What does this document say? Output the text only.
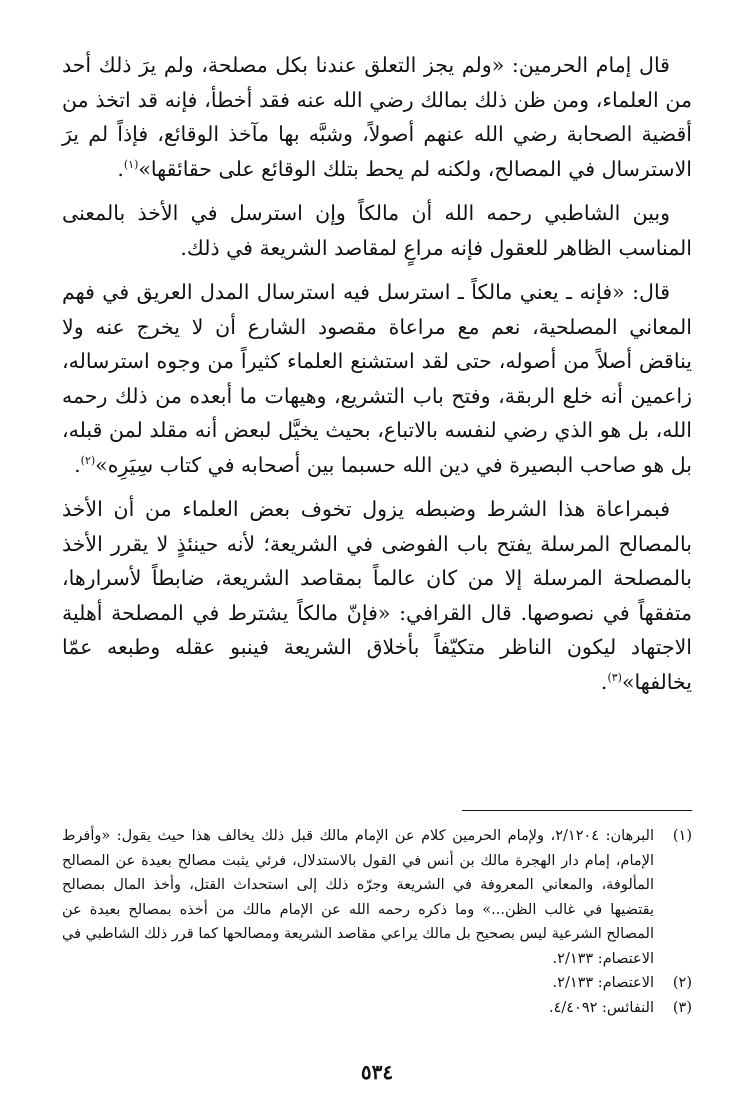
قال إمام الحرمين: «ولم يجز التعلق عندنا بكل مصلحة، ولم يرَ ذلك أحد من العلماء، ومن ظن ذلك بمالك رضي الله عنه فقد أخطأ، فإنه قد اتخذ من أقضية الصحابة رضي الله عنهم أصولاً، وشبَّه بها مآخذ الوقائع، فإذاً لم يرَ الاسترسال في المصالح، ولكنه لم يحط بتلك الوقائع على حقائقها»$^{(١)}$.

وبين الشاطبي رحمه الله أن مالكاً وإن استرسل في الأخذ بالمعنى المناسب الظاهر للعقول فإنه مراعٍ لمقاصد الشريعة في ذلك.

قال: «فإنه ـ يعني مالكاً ـ استرسل فيه استرسال المدل العريق في فهم المعاني المصلحية، نعم مع مراعاة مقصود الشارع أن لا يخرج عنه ولا يناقض أصلاً من أصوله، حتى لقد استشنع العلماء كثيراً من وجوه استرساله، زاعمين أنه خلع الربقة، وفتح باب التشريع، وهيهات ما أبعده من ذلك رحمه الله، بل هو الذي رضي لنفسه بالاتباع، بحيث يخيَّل لبعض أنه مقلد لمن قبله، بل هو صاحب البصيرة في دين الله حسبما بين أصحابه في كتاب سِيَرِه»$^{(٢)}$.

فبمراعاة هذا الشرط وضبطه يزول تخوف بعض العلماء من أن الأخذ بالمصالح المرسلة يفتح باب الفوضى في الشريعة؛ لأنه حينئذٍ لا يقرر الأخذ بالمصلحة المرسلة إلا من كان عالماً بمقاصد الشريعة، ضابطاً لأسرارها، متفقهاً في نصوصها. قال القرافي: «فإنّ مالكاً يشترط في المصلحة أهلية الاجتهاد ليكون الناظر متكيّفاً بأخلاق الشريعة فينبو عقله وطبعه عمّا يخالفها»$^{(٣)}$.

(١)
البرهان: ٢/١٢٠٤، ولإمام الحرمين كلام عن الإمام مالك قبل ذلك يخالف هذا حيث يقول: «وأفرط الإمام، إمام دار الهجرة مالك بن أنس في القول بالاستدلال، فرئي يثبت مصالح بعيدة عن المصالح المألوفة، والمعاني المعروفة في الشريعة وجرّه ذلك إلى استحداث القتل، وأخذ المال بمصالح يقتضيها في غالب الظن...» وما ذكره رحمه الله عن الإمام مالك من أخذه بمصالح بعيدة عن المصالح الشرعية ليس بصحيح بل مالك يراعي مقاصد الشريعة ومصالحها كما قرر ذلك الشاطبي في الاعتصام: ٢/١٣٣.
(٢)
الاعتصام: ٢/١٣٣.
(٣)
النفائس: ٤/٤٠٩٢.
٥٣٤
